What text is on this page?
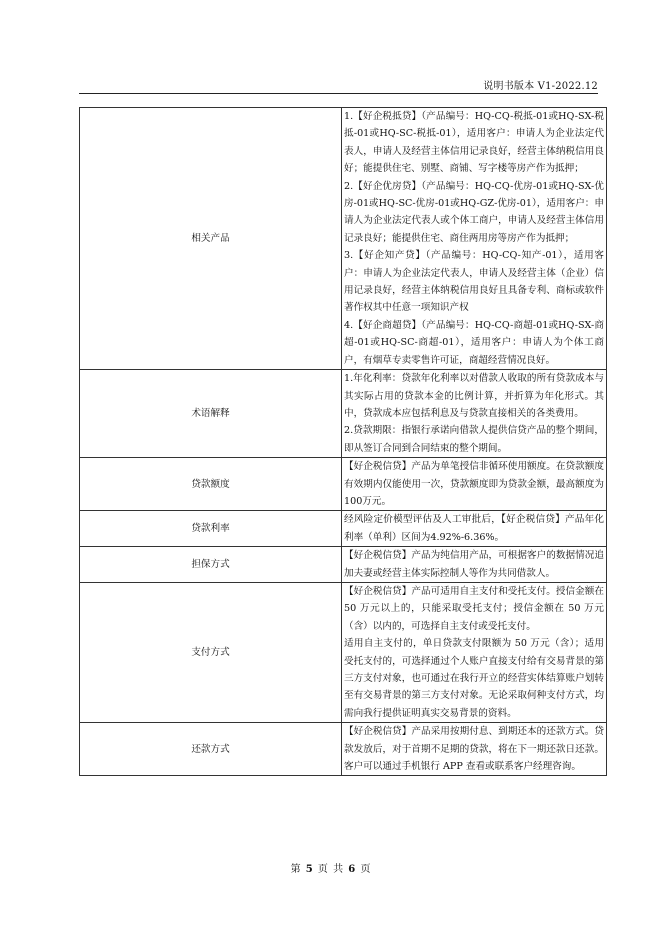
说明书版本 V1-2022.12
相关产品	1.【好企税抵贷】（产品编号：HQ-CQ-税抵-01或HQ-SX-税抵-01或HQ-SC-税抵-01），适用客户：申请人为企业法定代表人，申请人及经营主体信用记录良好，经营主体纳税信用良好；能提供住宅、别墅、商铺、写字楼等房产作为抵押；
2.【好企优房贷】（产品编号：HQ-CQ-优房-01或HQ-SX-优房-01或HQ-SC-优房-01或HQ-GZ-优房-01），适用客户：申请人为企业法定代表人或个体工商户，申请人及经营主体信用记录良好；能提供住宅、商住两用房等房产作为抵押；
3.【好企知产贷】（产品编号：HQ-CQ-知产-01），适用客户：申请人为企业法定代表人，申请人及经营主体（企业）信用记录良好，经营主体纳税信用良好且具备专利、商标或软件著作权其中任意一项知识产权
4.【好企商超贷】（产品编号：HQ-CQ-商超-01或HQ-SX-商超-01或HQ-SC-商超-01），适用客户：申请人为个体工商户，有烟草专卖零售许可证，商超经营情况良好。

术语解释	1.年化利率：贷款年化利率以对借款人收取的所有贷款成本与其实际占用的贷款本金的比例计算，并折算为年化形式。其中，贷款成本应包括利息及与贷款直接相关的各类费用。
2.贷款期限：指银行承诺向借款人提供信贷产品的整个期间，即从签订合同到合同结束的整个期间。

贷款额度	【好企税信贷】产品为单笔授信非循环使用额度。在贷款额度有效期内仅能使用一次，贷款额度即为贷款金额，最高额度为100万元。

贷款利率	经风险定价模型评估及人工审批后，【好企税信贷】产品年化利率（单利）区间为4.92%-6.36%。

担保方式	【好企税信贷】产品为纯信用产品，可根据客户的数据情况追加夫妻或经营主体实际控制人等作为共同借款人。

支付方式	【好企税信贷】产品可适用自主支付和受托支付。授信金额在 50 万元以上的，只能采取受托支付；授信金额在 50 万元（含）以内的，可选择自主支付或受托支付。
适用自主支付的，单日贷款支付限额为 50 万元（含）；适用受托支付的，可选择通过个人账户直接支付给有交易背景的第三方支付对象，也可通过在我行开立的经营实体结算账户划转至有交易背景的第三方支付对象。无论采取何种支付方式，均需向我行提供证明真实交易背景的资料。

还款方式	【好企税信贷】产品采用按期付息、到期还本的还款方式。贷款发放后，对于首期不足期的贷款，将在下一期还款日还款。客户可以通过手机银行 APP 查看或联系客户经理咨询。
第 5 页 共 6 页
